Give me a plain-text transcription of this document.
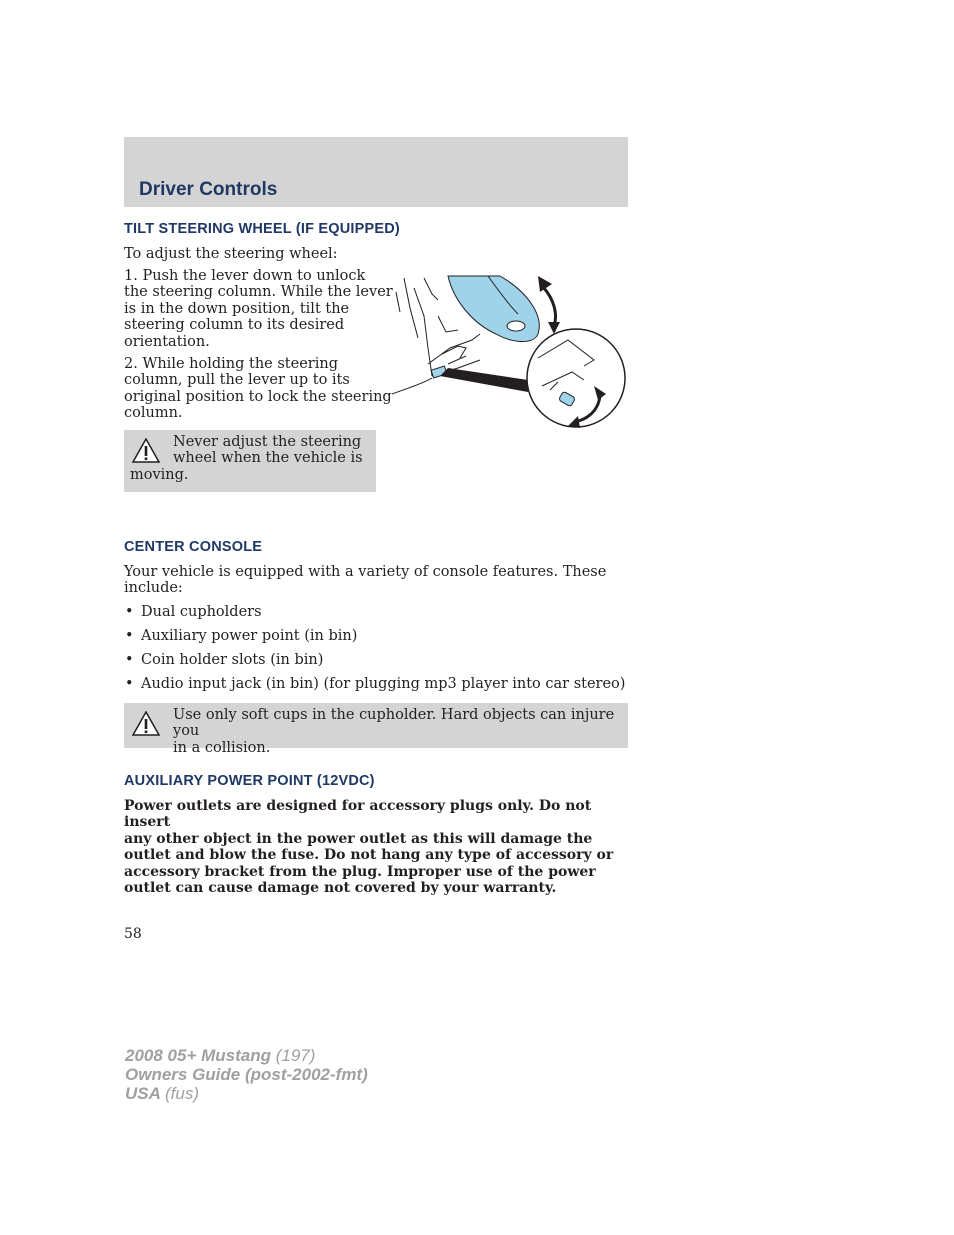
Driver Controls
TILT STEERING WHEEL (IF EQUIPPED)
To adjust the steering wheel:
1. Push the lever down to unlock
the steering column. While the lever
is in the down position, tilt the
steering column to its desired
orientation.
2. While holding the steering
column, pull the lever up to its
original position to lock the steering
column.
Never adjust the steering
wheel when the vehicle is
moving.
CENTER CONSOLE
Your vehicle is equipped with a variety of console features. These
include:
• Dual cupholders
• Auxiliary power point (in bin)
• Coin holder slots (in bin)
• Audio input jack (in bin) (for plugging mp3 player into car stereo)
Use only soft cups in the cupholder. Hard objects can injure you
in a collision.
AUXILIARY POWER POINT (12VDC)
Power outlets are designed for accessory plugs only. Do not insert
any other object in the power outlet as this will damage the
outlet and blow the fuse. Do not hang any type of accessory or
accessory bracket from the plug. Improper use of the power
outlet can cause damage not covered by your warranty.
58
2008 05+ Mustang (197)
Owners Guide (post-2002-fmt)
USA (fus)
